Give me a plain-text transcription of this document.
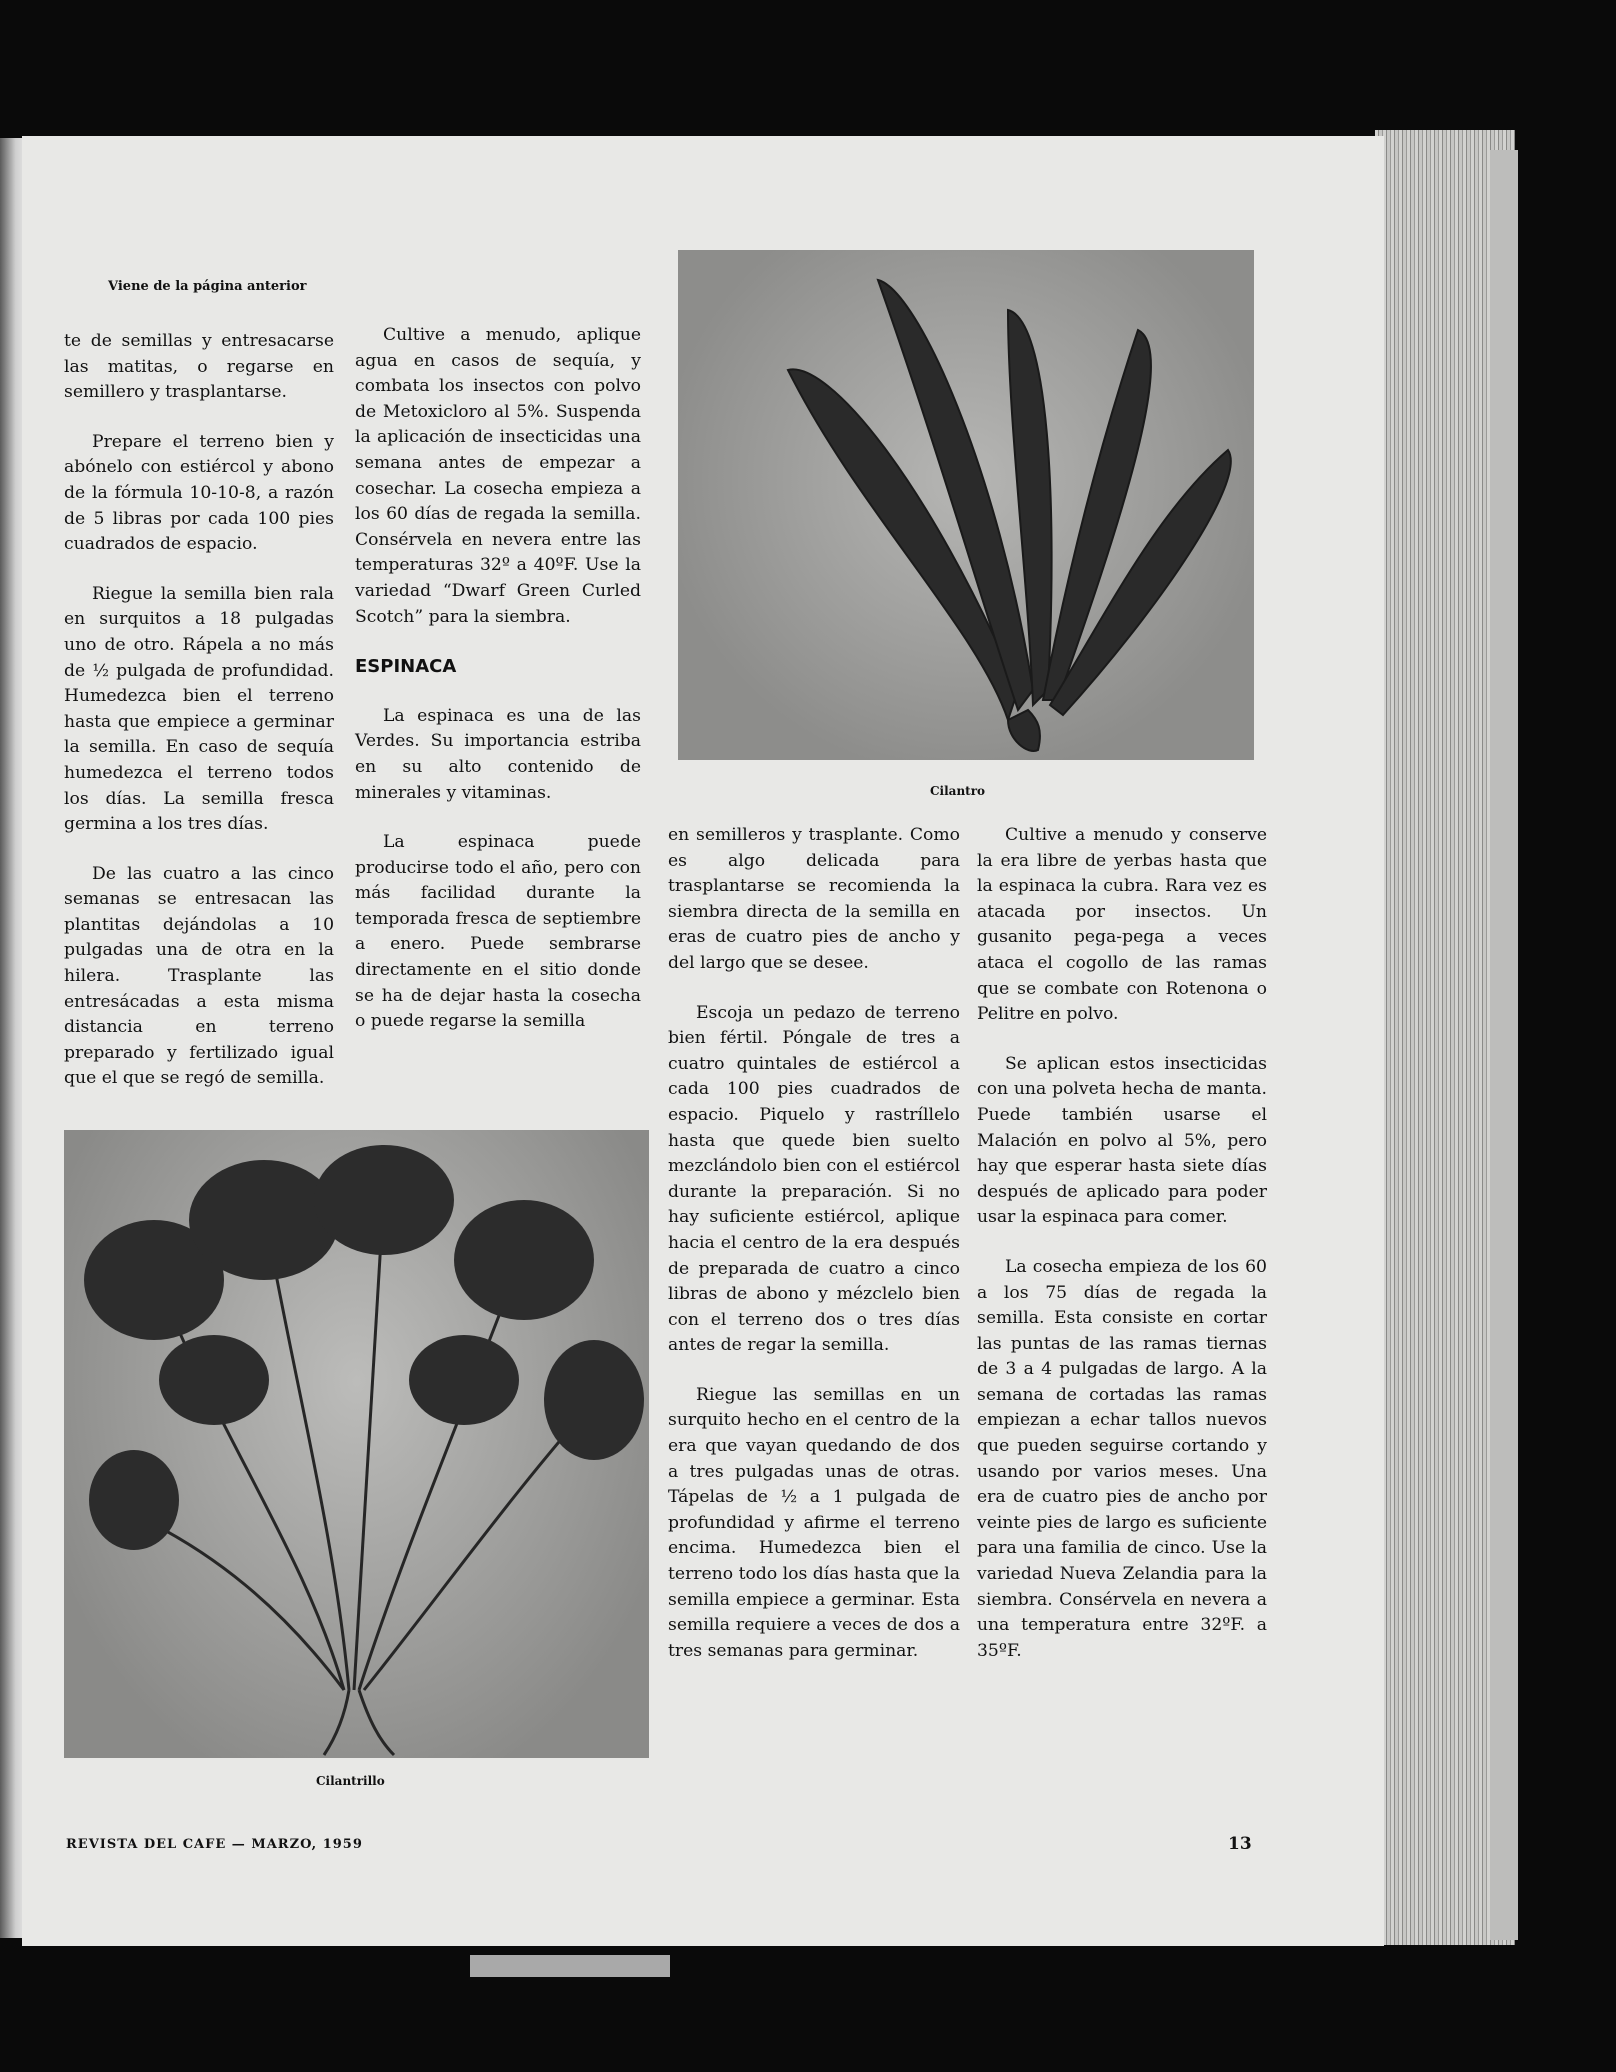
Viene de la página anterior

te de semillas y entresacarse las matitas, o regarse en semillero y trasplantarse.

Prepare el terreno bien y abónelo con estiércol y abono de la fórmula 10-10-8, a razón de 5 libras por cada 100 pies cuadrados de espacio.

Riegue la semilla bien rala en surquitos a 18 pulgadas uno de otro. Rápela a no más de ½ pulgada de profundidad. Humedezca bien el terreno hasta que empiece a germinar la semilla. En caso de sequía humedezca el terreno todos los días. La semilla fresca germina a los tres días.

De las cuatro a las cinco semanas se entresacan las plantitas dejándolas a 10 pulgadas una de otra en la hilera. Trasplante las entresácadas a esta misma distancia en terreno preparado y fertilizado igual que el que se regó de semilla.

Cultive a menudo, aplique agua en casos de sequía, y combata los insectos con polvo de Metoxicloro al 5%. Suspenda la aplicación de insecticidas una semana antes de empezar a cosechar. La cosecha empieza a los 60 días de regada la semilla. Consérvela en nevera entre las temperaturas 32º a 40ºF. Use la variedad “Dwarf Green Curled Scotch” para la siembra.

ESPINACA

La espinaca es una de las Verdes. Su importancia estriba en su alto contenido de minerales y vitaminas.

La espinaca puede producirse todo el año, pero con más facilidad durante la temporada fresca de septiembre a enero. Puede sembrarse directamente en el sitio donde se ha de dejar hasta la cosecha o puede regarse la semilla

en semilleros y trasplante. Como es algo delicada para trasplantarse se recomienda la siembra directa de la semilla en eras de cuatro pies de ancho y del largo que se desee.

Escoja un pedazo de terreno bien fértil. Póngale de tres a cuatro quintales de estiércol a cada 100 pies cuadrados de espacio. Piquelo y rastríllelo hasta que quede bien suelto mezclándolo bien con el estiércol durante la preparación. Si no hay suficiente estiércol, aplique hacia el centro de la era después de preparada de cuatro a cinco libras de abono y mézclelo bien con el terreno dos o tres días antes de regar la semilla.

Riegue las semillas en un surquito hecho en el centro de la era que vayan quedando de dos a tres pulgadas unas de otras. Tápelas de ½ a 1 pulgada de profundidad y afirme el terreno encima. Humedezca bien el terreno todo los días hasta que la semilla empiece a germinar. Esta semilla requiere a veces de dos a tres semanas para germinar.

Cultive a menudo y conserve la era libre de yerbas hasta que la espinaca la cubra. Rara vez es atacada por insectos. Un gusanito pega-pega a veces ataca el cogollo de las ramas que se combate con Rotenona o Pelitre en polvo.

Se aplican estos insecticidas con una polveta hecha de manta. Puede también usarse el Malación en polvo al 5%, pero hay que esperar hasta siete días después de aplicado para poder usar la espinaca para comer.

La cosecha empieza de los 60 a los 75 días de regada la semilla. Esta consiste en cortar las puntas de las ramas tiernas de 3 a 4 pulgadas de largo. A la semana de cortadas las ramas empiezan a echar tallos nuevos que pueden seguirse cortando y usando por varios meses. Una era de cuatro pies de ancho por veinte pies de largo es suficiente para una familia de cinco. Use la variedad Nueva Zelandia para la siembra. Consérvela en nevera a una temperatura entre 32ºF. a 35ºF.

Cilantro
Cilantrillo
REVISTA DEL CAFE — MARZO, 1959	13
